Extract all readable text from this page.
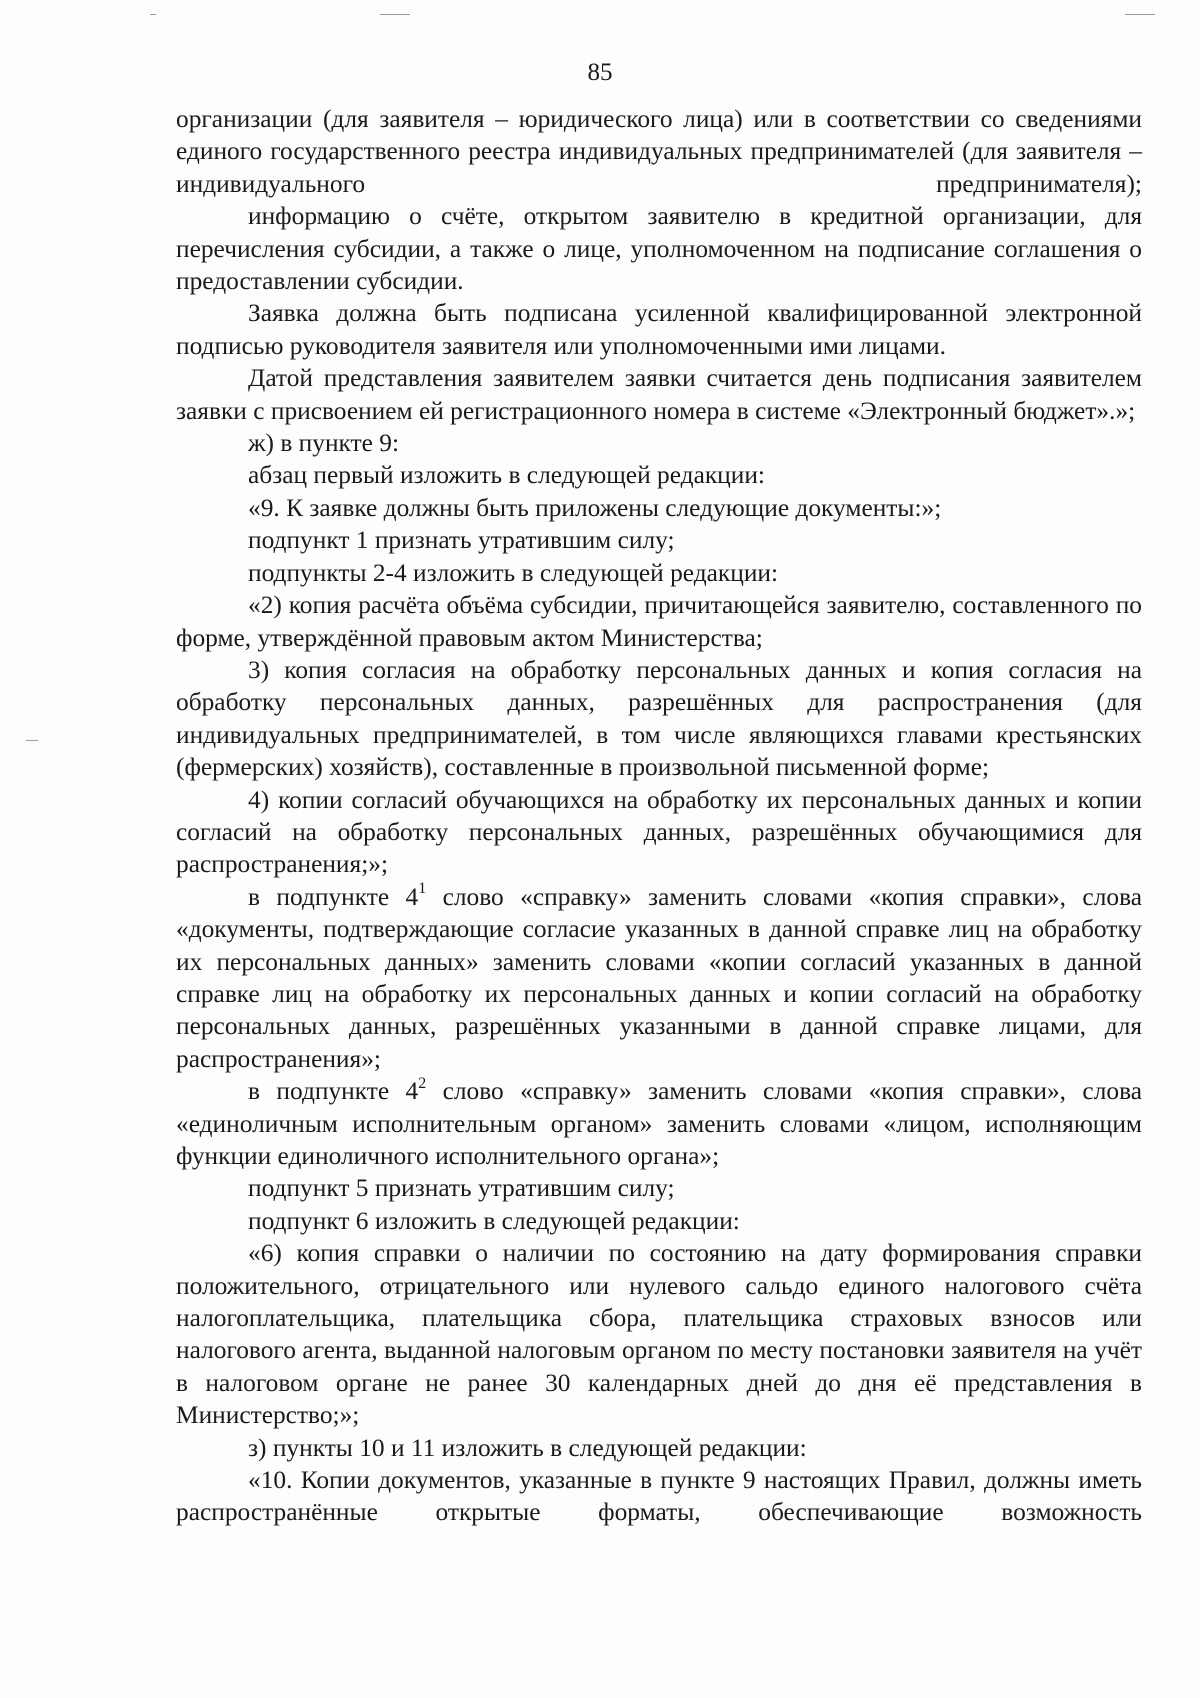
85

организации (для заявителя – юридического лица) или в соответствии со сведениями единого государственного реестра индивидуальных предпринимателей (для заявителя – индивидуального предпринимателя);

информацию о счёте, открытом заявителю в кредитной организации, для перечисления субсидии, а также о лице, уполномоченном на подписание соглашения о предоставлении субсидии.

Заявка должна быть подписана усиленной квалифицированной электронной подписью руководителя заявителя или уполномоченными ими лицами.

Датой представления заявителем заявки считается день подписания заявителем заявки с присвоением ей регистрационного номера в системе «Электронный бюджет».»;

ж) в пункте 9:

абзац первый изложить в следующей редакции:

«9. К заявке должны быть приложены следующие документы:»;

подпункт 1 признать утратившим силу;

подпункты 2-4 изложить в следующей редакции:

«2) копия расчёта объёма субсидии, причитающейся заявителю, составленного по форме, утверждённой правовым актом Министерства;

3) копия согласия на обработку персональных данных и копия согласия на обработку персональных данных, разрешённых для распространения (для индивидуальных предпринимателей, в том числе являющихся главами крестьянских (фермерских) хозяйств), составленные в произвольной письменной форме;

4) копии согласий обучающихся на обработку их персональных данных и копии согласий на обработку персональных данных, разрешённых обучающимися для распространения;»;

в подпункте $4^1$ слово «справку» заменить словами «копия справки», слова «документы, подтверждающие согласие указанных в данной справке лиц на обработку их персональных данных» заменить словами «копии согласий указанных в данной справке лиц на обработку их персональных данных и копии согласий на обработку персональных данных, разрешённых указанными в данной справке лицами, для распространения»;

в подпункте $4^2$ слово «справку» заменить словами «копия справки», слова «единоличным исполнительным органом» заменить словами «лицом, исполняющим функции единоличного исполнительного органа»;

подпункт 5 признать утратившим силу;

подпункт 6 изложить в следующей редакции:

«6) копия справки о наличии по состоянию на дату формирования справки положительного, отрицательного или нулевого сальдо единого налогового счёта налогоплательщика, плательщика сбора, плательщика страховых взносов или налогового агента, выданной налоговым органом по месту постановки заявителя на учёт в налоговом органе не ранее 30 календарных дней до дня её представления в Министерство;»;

з) пункты 10 и 11 изложить в следующей редакции:

«10. Копии документов, указанные в пункте 9 настоящих Правил, должны иметь распространённые открытые форматы, обеспечивающие возможность
